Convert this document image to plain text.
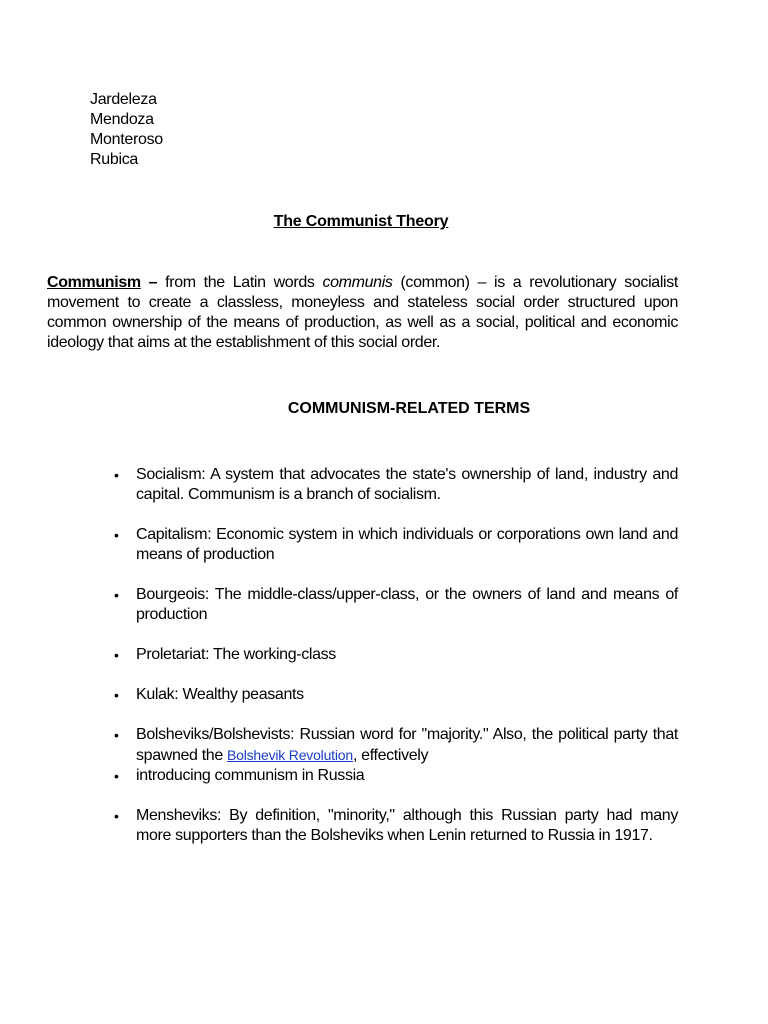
Jardeleza
Mendoza
Monteroso
Rubica
The Communist Theory

Communism – from the Latin words communis (common) – is a revolutionary socialist movement to create a classless, moneyless and stateless social order structured upon common ownership of the means of production, as well as a social, political and economic ideology that aims at the establishment of this social order.

COMMUNISM-RELATED TERMS
• Socialism: A system that advocates the state's ownership of land, industry and capital. Communism is a branch of socialism.
• Capitalism: Economic system in which individuals or corporations own land and means of production
• Bourgeois: The middle-class/upper-class, or the owners of land and means of production
• Proletariat: The working-class
• Kulak: Wealthy peasants
• Bolsheviks/Bolshevists: Russian word for "majority." Also, the political party that spawned the Bolshevik Revolution, effectively
• introducing communism in Russia
• Mensheviks: By definition, "minority," although this Russian party had many more supporters than the Bolsheviks when Lenin returned to Russia in 1917.
